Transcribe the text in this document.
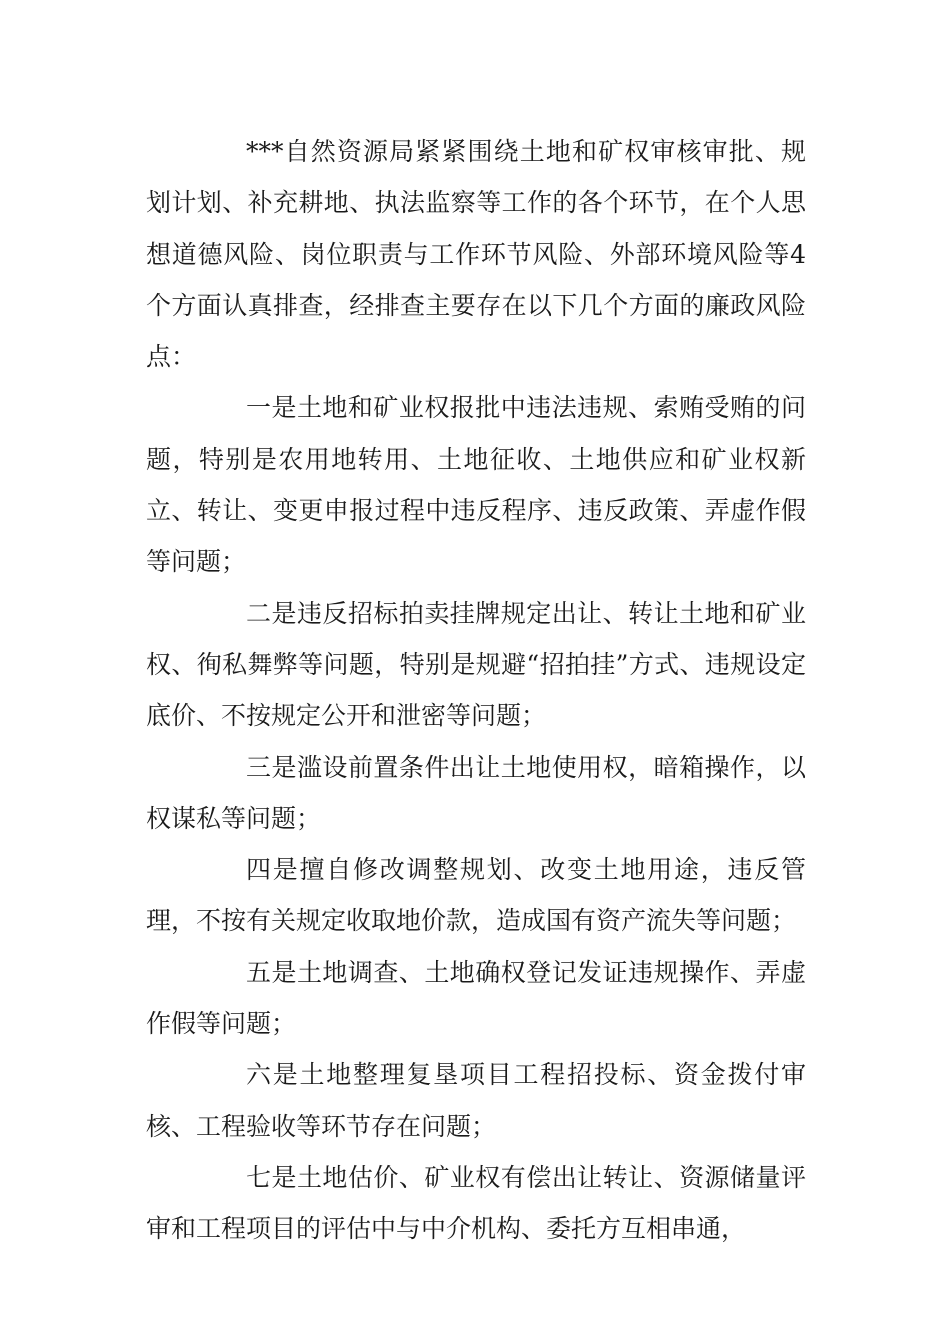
***自然资源局紧紧围绕土地和矿权审核审批、规划计划、补充耕地、执法监察等工作的各个环节，在个人思想道德风险、岗位职责与工作环节风险、外部环境风险等4个方面认真排查，经排查主要存在以下几个方面的廉政风险点：

一是土地和矿业权报批中违法违规、索贿受贿的问题，特别是农用地转用、土地征收、土地供应和矿业权新立、转让、变更申报过程中违反程序、违反政策、弄虚作假等问题；

二是违反招标拍卖挂牌规定出让、转让土地和矿业权、徇私舞弊等问题，特别是规避“招拍挂”方式、违规设定底价、不按规定公开和泄密等问题；

三是滥设前置条件出让土地使用权，暗箱操作，以权谋私等问题；

四是擅自修改调整规划、改变土地用途，违反管理，不按有关规定收取地价款，造成国有资产流失等问题；

五是土地调查、土地确权登记发证违规操作、弄虚作假等问题；

六是土地整理复垦项目工程招投标、资金拨付审核、工程验收等环节存在问题；

七是土地估价、矿业权有偿出让转让、资源储量评审和工程项目的评估中与中介机构、委托方互相串通，
